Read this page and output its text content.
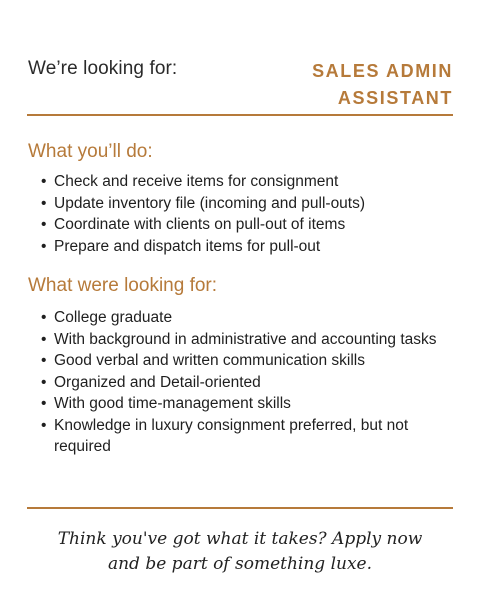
We’re looking for:	SALES ADMIN
ASSISTANT
What you’ll do:
• Check and receive items for consignment
• Update inventory file (incoming and pull-outs)
• Coordinate with clients on pull-out of items
• Prepare and dispatch items for pull-out
What were looking for:
• College graduate
• With background in administrative and accounting tasks
• Good verbal and written communication skills
• Organized and Detail-oriented
• With good time-management skills
• Knowledge in luxury consignment preferred, but not required
Think you've got what it takes? Apply now
and be part of something luxe.
